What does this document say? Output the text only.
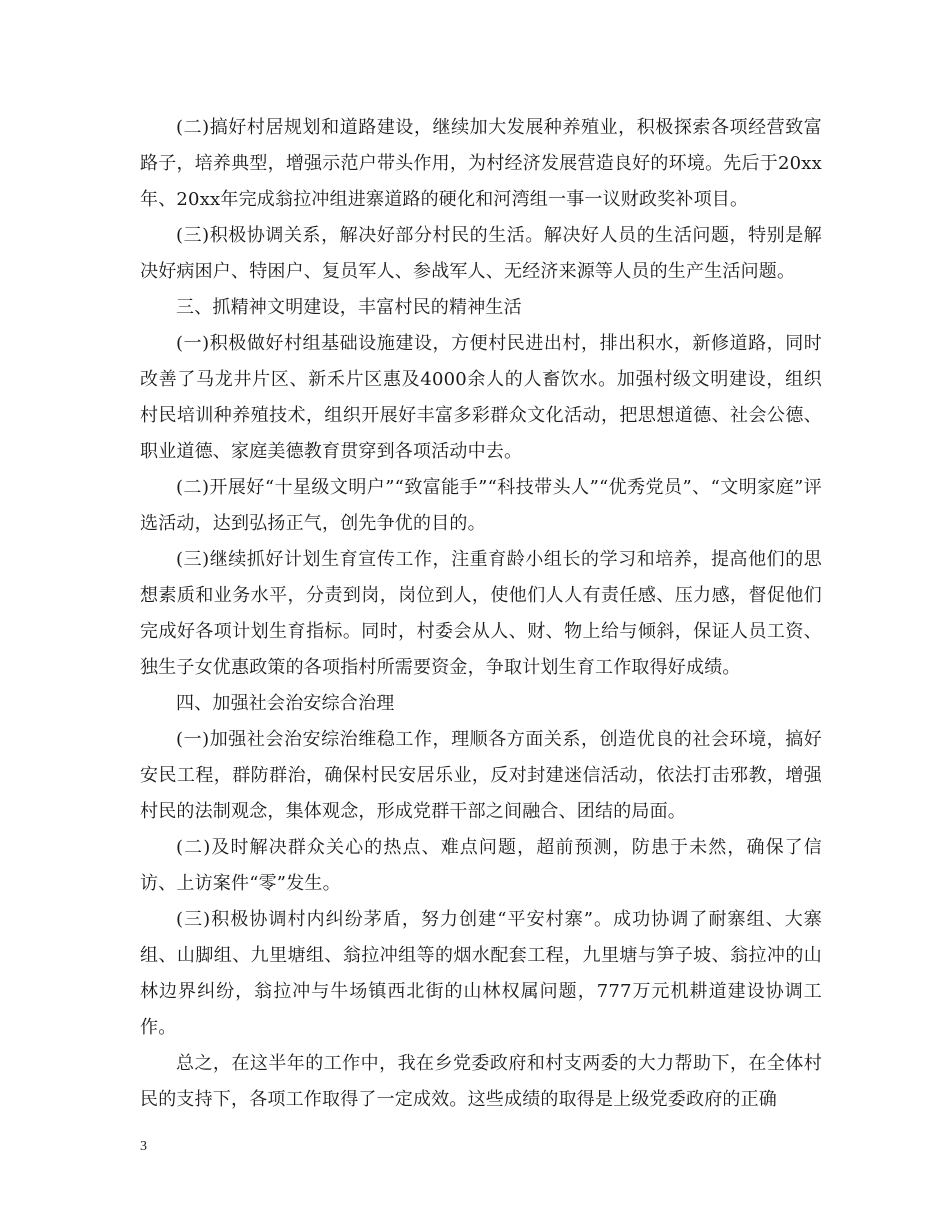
(二)搞好村居规划和道路建设，继续加大发展种养殖业，积极探索各项经营致富路子，培养典型，增强示范户带头作用，为村经济发展营造良好的环境。先后于20xx年、20xx年完成翁拉冲组进寨道路的硬化和河湾组一事一议财政奖补项目。

(三)积极协调关系，解决好部分村民的生活。解决好人员的生活问题，特别是解决好病困户、特困户、复员军人、参战军人、无经济来源等人员的生产生活问题。

三、抓精神文明建设，丰富村民的精神生活

(一)积极做好村组基础设施建设，方便村民进出村，排出积水，新修道路，同时改善了马龙井片区、新禾片区惠及4000余人的人畜饮水。加强村级文明建设，组织村民培训种养殖技术，组织开展好丰富多彩群众文化活动，把思想道德、社会公德、职业道德、家庭美德教育贯穿到各项活动中去。

(二)开展好“十星级文明户”“致富能手”“科技带头人”“优秀党员”、“文明家庭”评选活动，达到弘扬正气，创先争优的目的。

(三)继续抓好计划生育宣传工作，注重育龄小组长的学习和培养，提高他们的思想素质和业务水平，分责到岗，岗位到人，使他们人人有责任感、压力感，督促他们完成好各项计划生育指标。同时，村委会从人、财、物上给与倾斜，保证人员工资、独生子女优惠政策的各项指村所需要资金，争取计划生育工作取得好成绩。

四、加强社会治安综合治理

(一)加强社会治安综治维稳工作，理顺各方面关系，创造优良的社会环境，搞好安民工程，群防群治，确保村民安居乐业，反对封建迷信活动，依法打击邪教，增强村民的法制观念，集体观念，形成党群干部之间融合、团结的局面。

(二)及时解决群众关心的热点、难点问题，超前预测，防患于未然，确保了信访、上访案件“零”发生。

(三)积极协调村内纠纷茅盾，努力创建“平安村寨”。成功协调了耐寨组、大寨组、山脚组、九里塘组、翁拉冲组等的烟水配套工程，九里塘与笋子坡、翁拉冲的山林边界纠纷，翁拉冲与牛场镇西北街的山林权属问题，777万元机耕道建设协调工作。

总之，在这半年的工作中，我在乡党委政府和村支两委的大力帮助下，在全体村民的支持下，各项工作取得了一定成效。这些成绩的取得是上级党委政府的正确

3
